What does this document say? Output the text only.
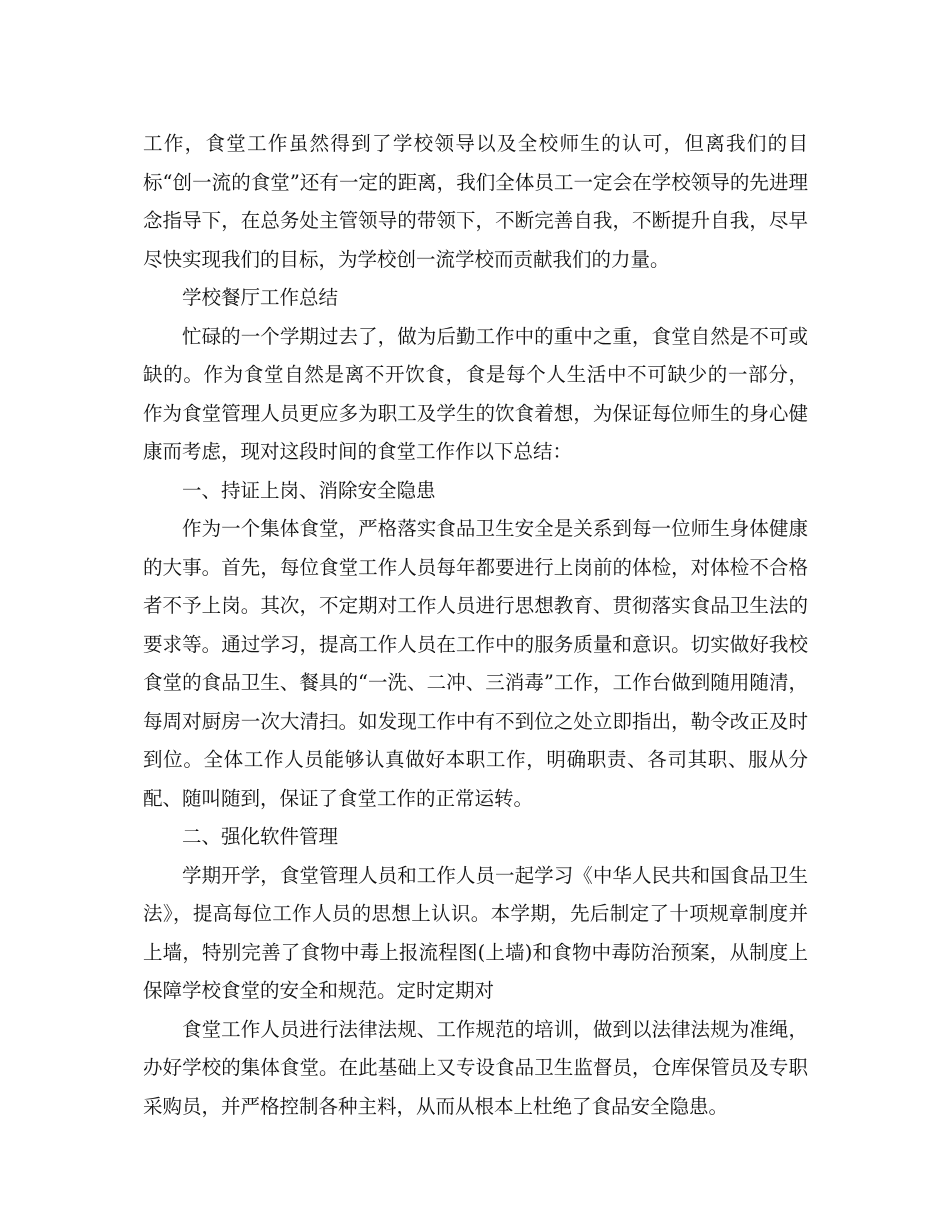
工作，食堂工作虽然得到了学校领导以及全校师生的认可，但离我们的目标“创一流的食堂”还有一定的距离，我们全体员工一定会在学校领导的先进理念指导下，在总务处主管领导的带领下，不断完善自我，不断提升自我，尽早尽快实现我们的目标，为学校创一流学校而贡献我们的力量。

学校餐厅工作总结

忙碌的一个学期过去了，做为后勤工作中的重中之重，食堂自然是不可或缺的。作为食堂自然是离不开饮食，食是每个人生活中不可缺少的一部分， 作为食堂管理人员更应多为职工及学生的饮食着想，为保证每位师生的身心健康而考虑，现对这段时间的食堂工作作以下总结：

一、持证上岗、消除安全隐患

作为一个集体食堂，严格落实食品卫生安全是关系到每一位师生身体健康的大事。首先，每位食堂工作人员每年都要进行上岗前的体检，对体检不合格者不予上岗。其次，不定期对工作人员进行思想教育、贯彻落实食品卫生法的要求等。通过学习，提高工作人员在工作中的服务质量和意识。切实做好我校食堂的食品卫生、餐具的“一洗、二冲、三消毒”工作，工作台做到随用随清，每周对厨房一次大清扫。如发现工作中有不到位之处立即指出，勒令改正及时到位。全体工作人员能够认真做好本职工作，明确职责、各司其职、服从分配、随叫随到，保证了食堂工作的正常运转。

二、强化软件管理

学期开学，食堂管理人员和工作人员一起学习《中华人民共和国食品卫生法》，提高每位工作人员的思想上认识。本学期，先后制定了十项规章制度并上墙，特别完善了食物中毒上报流程图(上墙)和食物中毒防治预案，从制度上保障学校食堂的安全和规范。定时定期对

食堂工作人员进行法律法规、工作规范的培训，做到以法律法规为准绳，办好学校的集体食堂。在此基础上又专设食品卫生监督员，仓库保管员及专职采购员，并严格控制各种主料，从而从根本上杜绝了食品安全隐患。
